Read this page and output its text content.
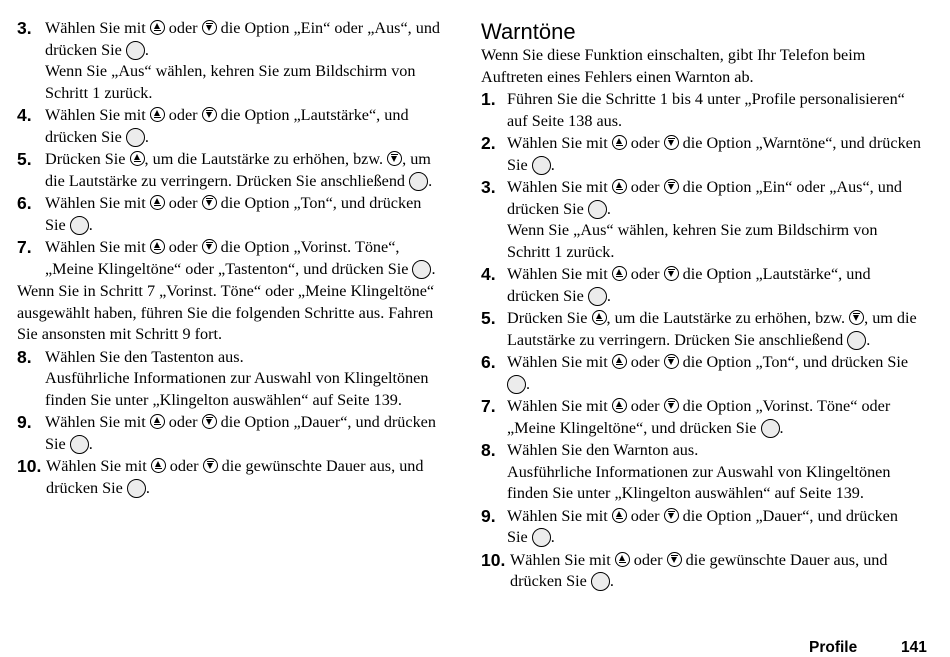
3. Wählen Sie mit oder die Option „Ein“ oder „Aus“, und drücken Sie .
Wenn Sie „Aus“ wählen, kehren Sie zum Bildschirm von Schritt 1 zurück.
4. Wählen Sie mit oder die Option „Lautstärke“, und drücken Sie .
5. Drücken Sie , um die Lautstärke zu erhöhen, bzw. , um die Lautstärke zu verringern. Drücken Sie anschließend .
6. Wählen Sie mit oder die Option „Ton“, und drücken Sie .
7. Wählen Sie mit oder die Option „Vorinst. Töne“, „Meine Klingeltöne“ oder „Tastenton“, und drücken Sie .
Wenn Sie in Schritt 7 „Vorinst. Töne“ oder „Meine Klingeltöne“ ausgewählt haben, führen Sie die folgenden Schritte aus. Fahren Sie ansonsten mit Schritt 9 fort.
8. Wählen Sie den Tastenton aus.
Ausführliche Informationen zur Auswahl von Klingeltönen finden Sie unter „Klingelton auswählen“ auf Seite 139.
9. Wählen Sie mit oder die Option „Dauer“, und drücken Sie .
10. Wählen Sie mit oder die gewünschte Dauer aus, und drücken Sie .
Warntöne
Wenn Sie diese Funktion einschalten, gibt Ihr Telefon beim Auftreten eines Fehlers einen Warnton ab.
1. Führen Sie die Schritte 1 bis 4 unter „Profile personalisieren“ auf Seite 138 aus.
2. Wählen Sie mit oder die Option „Warntöne“, und drücken Sie .
3. Wählen Sie mit oder die Option „Ein“ oder „Aus“, und drücken Sie .
Wenn Sie „Aus“ wählen, kehren Sie zum Bildschirm von Schritt 1 zurück.
4. Wählen Sie mit oder die Option „Lautstärke“, und drücken Sie .
5. Drücken Sie , um die Lautstärke zu erhöhen, bzw. , um die Lautstärke zu verringern. Drücken Sie anschließend .
6. Wählen Sie mit oder die Option „Ton“, und drücken Sie .
7. Wählen Sie mit oder die Option „Vorinst. Töne“ oder „Meine Klingeltöne“, und drücken Sie .
8. Wählen Sie den Warnton aus.
Ausführliche Informationen zur Auswahl von Klingeltönen finden Sie unter „Klingelton auswählen“ auf Seite 139.
9. Wählen Sie mit oder die Option „Dauer“, und drücken Sie .
10. Wählen Sie mit oder die gewünschte Dauer aus, und drücken Sie .
Profile	141
